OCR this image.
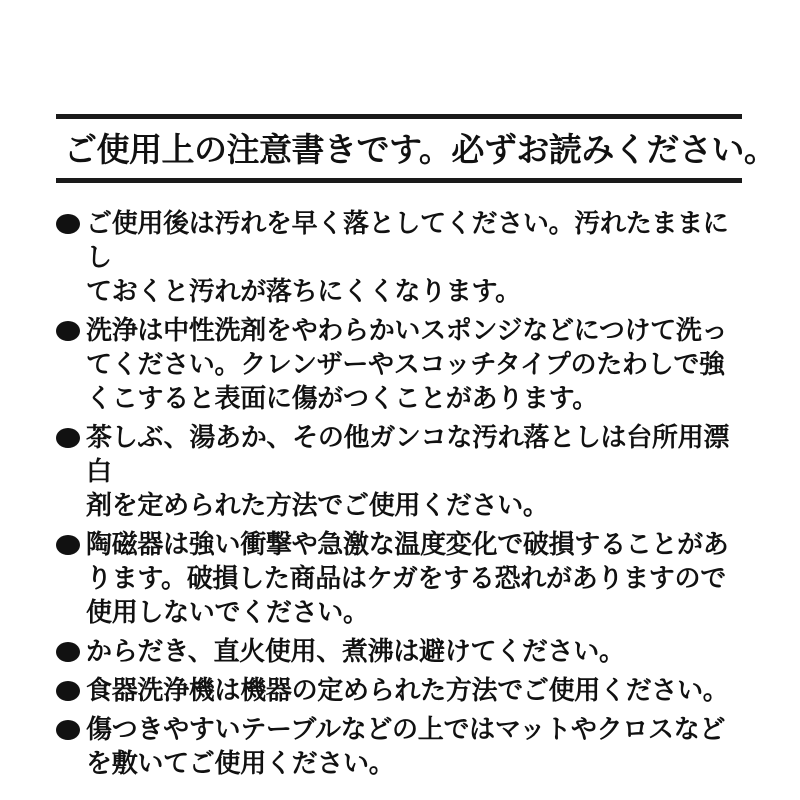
ご使用上の注意書きです。必ずお読みください。
ご使用後は汚れを早く落としてください。汚れたままにし
ておくと汚れが落ちにくくなります。
洗浄は中性洗剤をやわらかいスポンジなどにつけて洗っ
てください。クレンザーやスコッチタイプのたわしで強
くこすると表面に傷がつくことがあります。
茶しぶ、湯あか、その他ガンコな汚れ落としは台所用漂白
剤を定められた方法でご使用ください。
陶磁器は強い衝撃や急激な温度変化で破損することがあ
ります。破損した商品はケガをする恐れがありますので
使用しないでください。
からだき、直火使用、煮沸は避けてください。
食器洗浄機は機器の定められた方法でご使用ください。
傷つきやすいテーブルなどの上ではマットやクロスなど
を敷いてご使用ください。
